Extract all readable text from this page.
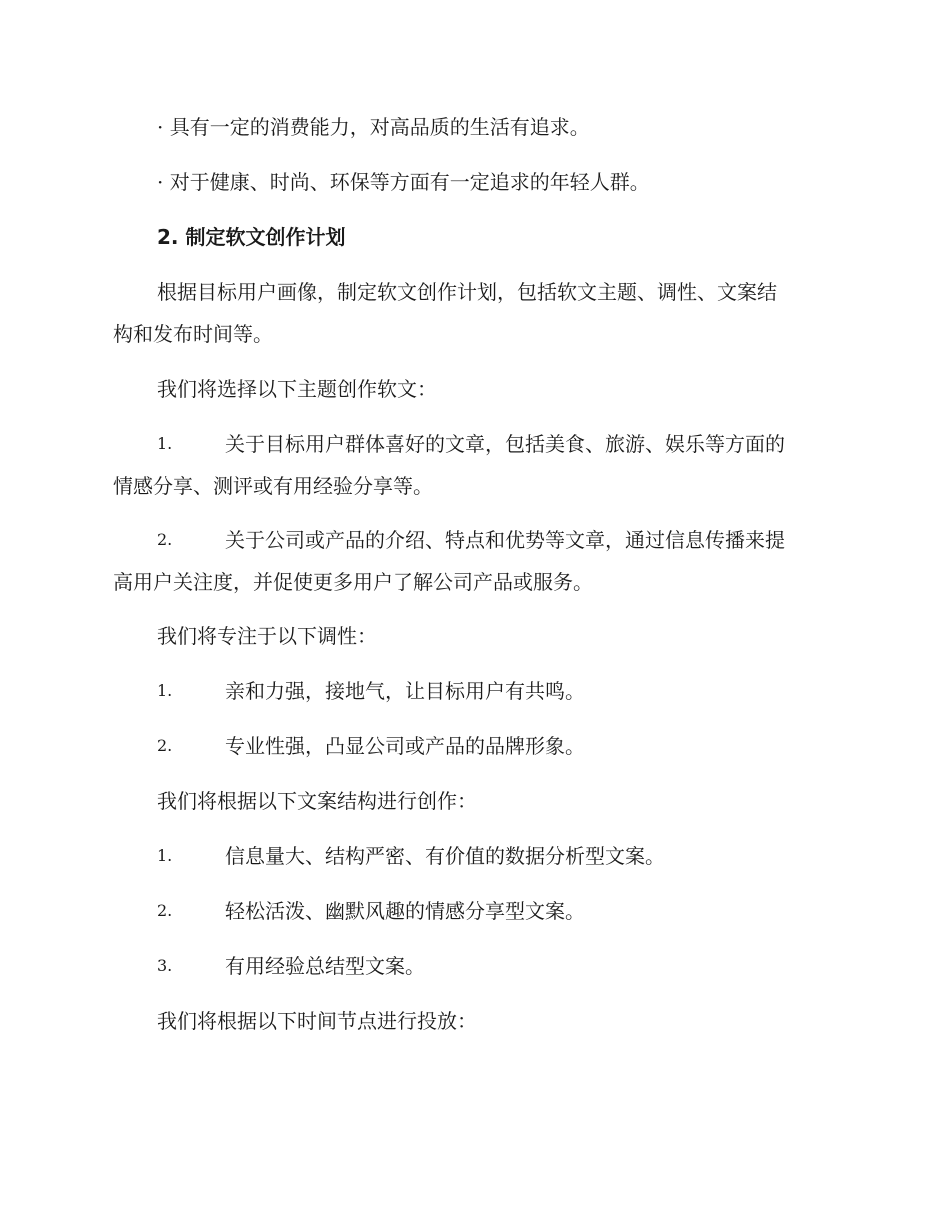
· 具有一定的消费能力，对高品质的生活有追求。
· 对于健康、时尚、环保等方面有一定追求的年轻人群。
2. 制定软文创作计划
根据目标用户画像，制定软文创作计划，包括软文主题、调性、文案结
构和发布时间等。
我们将选择以下主题创作软文：
1.	关于目标用户群体喜好的文章，包括美食、旅游、娱乐等方面的
情感分享、测评或有用经验分享等。
2.	关于公司或产品的介绍、特点和优势等文章，通过信息传播来提
高用户关注度，并促使更多用户了解公司产品或服务。
我们将专注于以下调性：
1.	亲和力强，接地气，让目标用户有共鸣。
2.	专业性强，凸显公司或产品的品牌形象。
我们将根据以下文案结构进行创作：
1.	信息量大、结构严密、有价值的数据分析型文案。
2.	轻松活泼、幽默风趣的情感分享型文案。
3.	有用经验总结型文案。
我们将根据以下时间节点进行投放：
